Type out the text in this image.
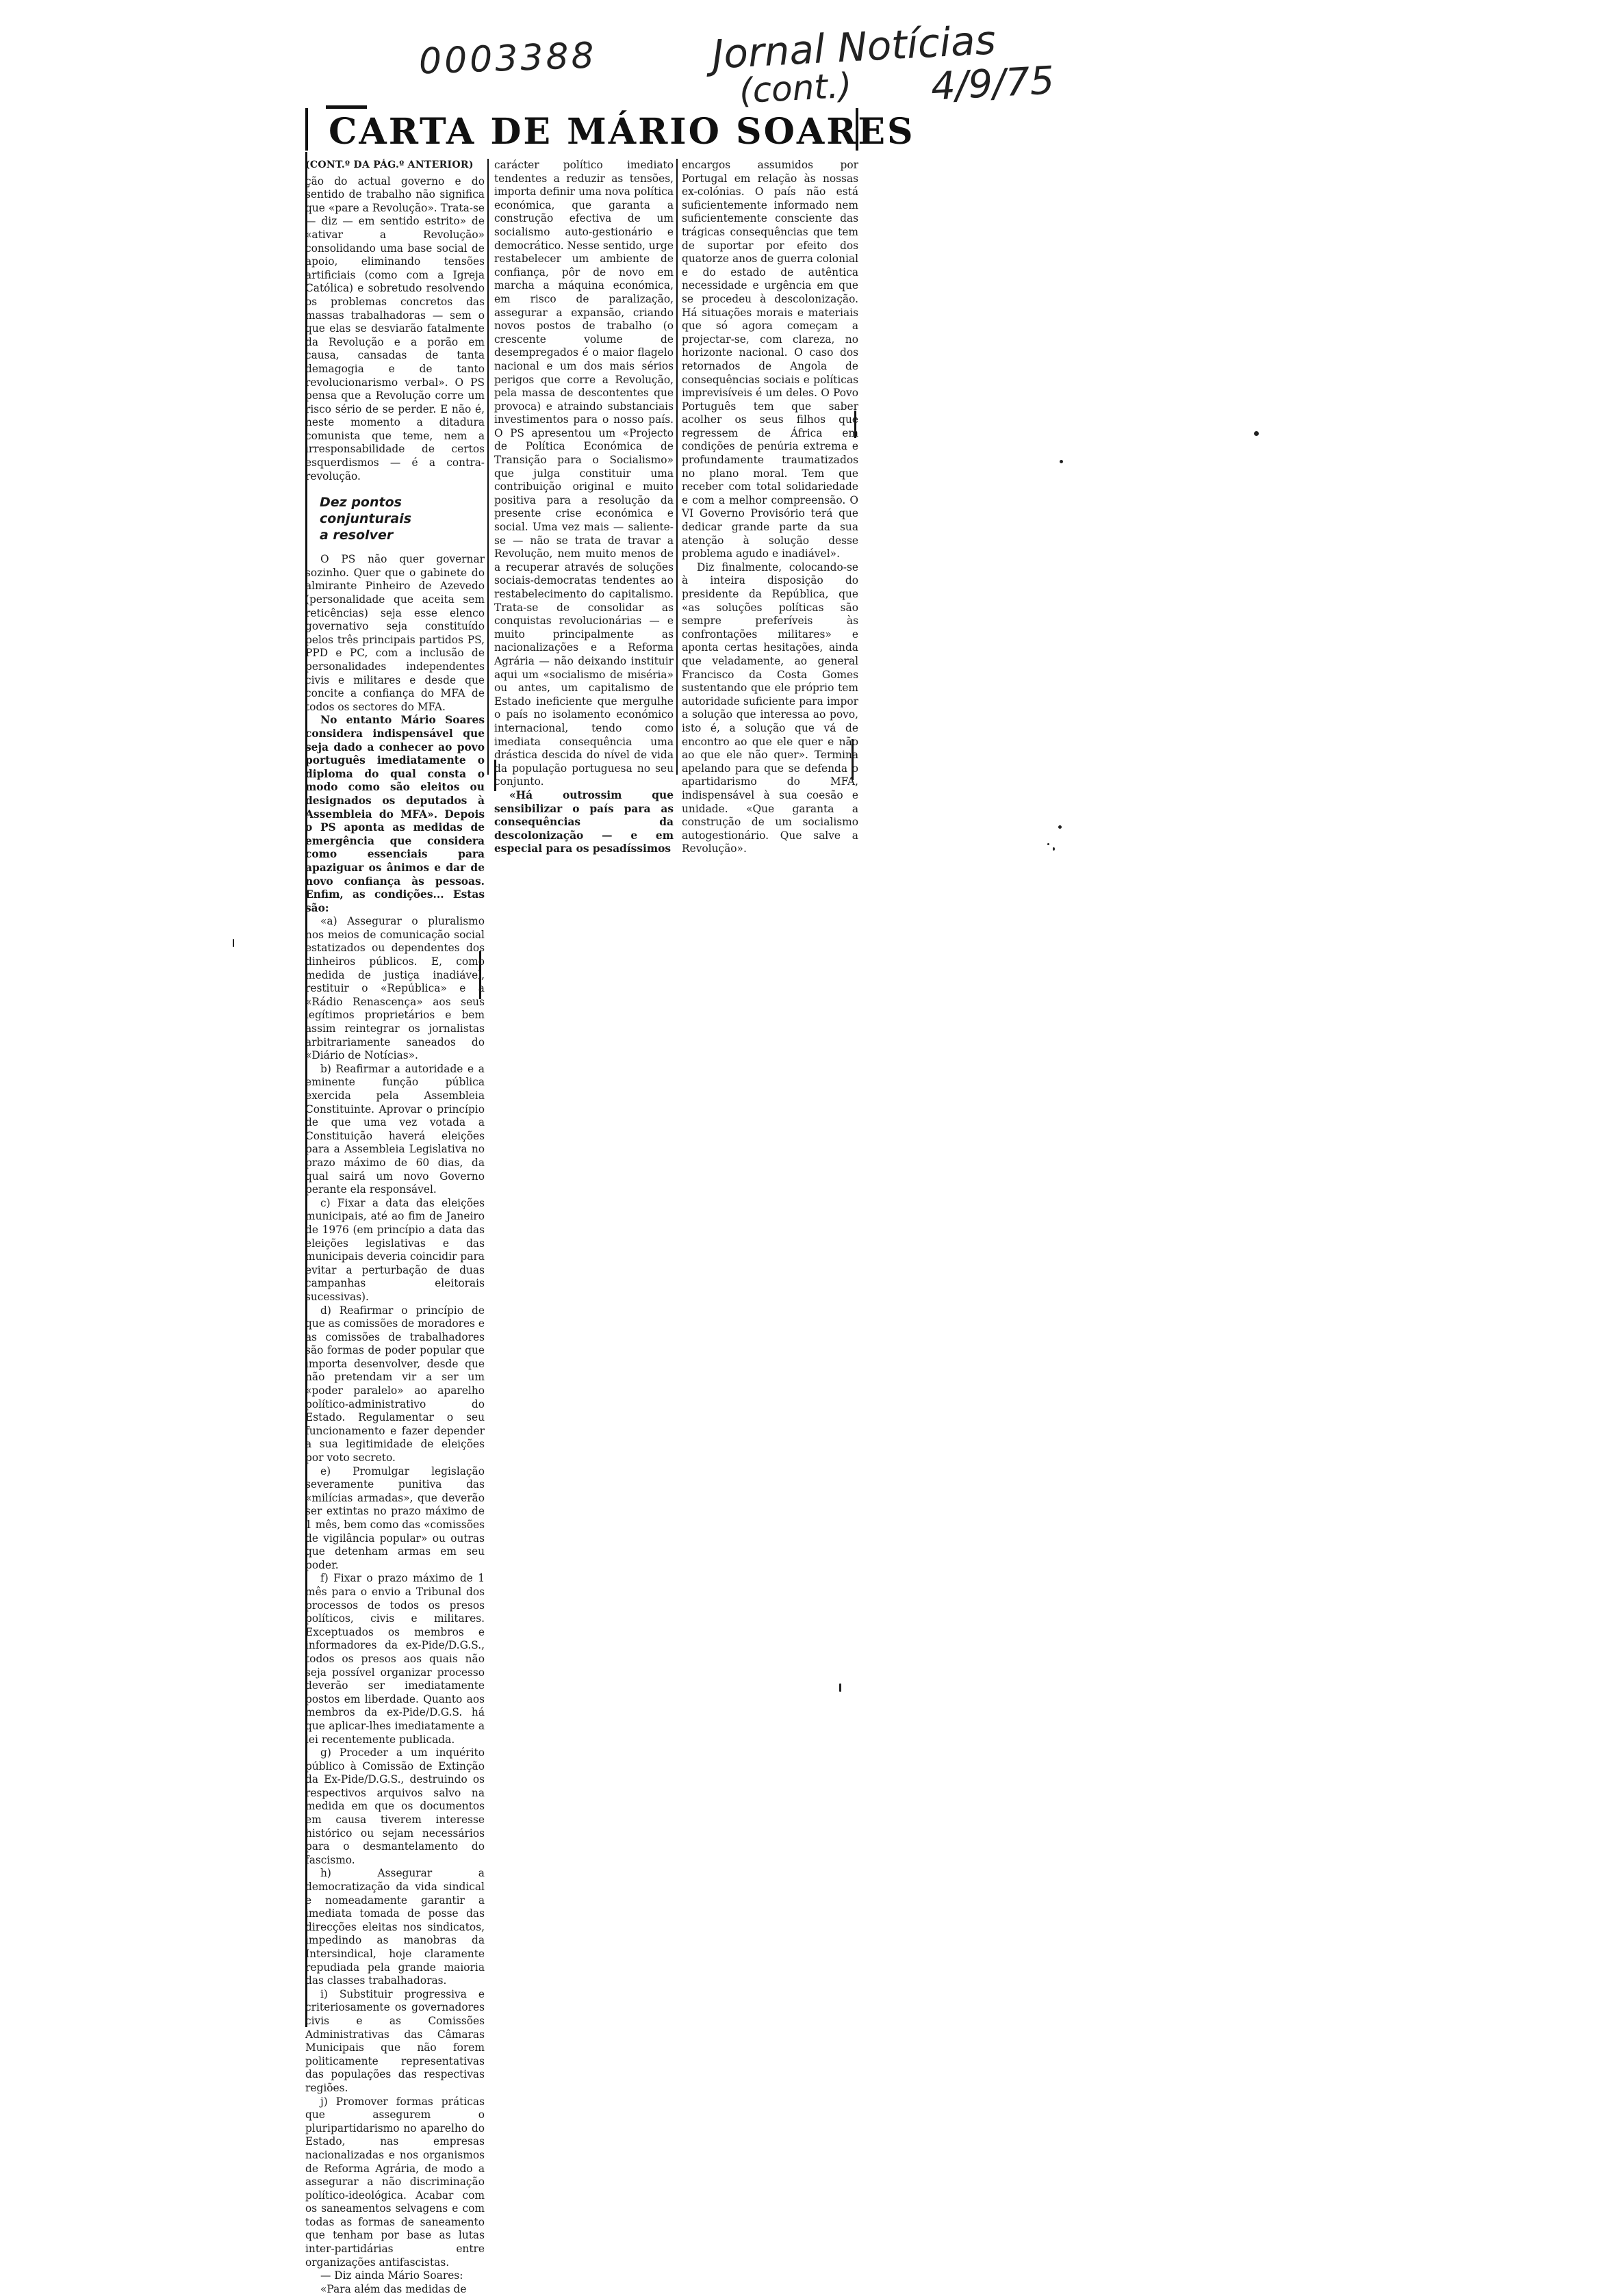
0003388	Jornal Notícias
(cont.) 4/9/75
CARTA DE MÁRIO SOARES

(CONT.º DA PÁG.º ANTERIOR)

ção do actual governo e do sentido de trabalho não significa que «pare a Revolução». Trata-se — diz — em sentido estrito» de «ativar a Revolução» consolidando uma base social de apoio, eliminando tensões artificiais (como com a Igreja Católica) e sobretudo resolvendo os problemas concretos das massas trabalhadoras — sem o que elas se desviarão fatalmente da Revolução e a porão em causa, cansadas de tanta demagogia e de tanto revolucionarismo verbal». O PS pensa que a Revolução corre um risco sério de se perder. E não é, neste momento a ditadura comunista que teme, nem a irresponsabilidade de certos esquerdismos — é a contra-revolução.

Dez pontos
conjunturais
a resolver

O PS não quer governar sozinho. Quer que o gabinete do almirante Pinheiro de Azevedo (personalidade que aceita sem reticências) seja esse elenco governativo seja constituído pelos três principais partidos PS, PPD e PC, com a inclusão de personalidades independentes civis e militares e desde que concite a confiança do MFA de todos os sectores do MFA.

No entanto Mário Soares considera indispensável que seja dado a conhecer ao povo português imediatamente o diploma do qual consta o modo como são eleitos ou designados os deputados à Assembleia do MFA». Depois o PS aponta as medidas de emergência que considera como essenciais para apaziguar os ânimos e dar de novo confiança às pessoas. Enfim, as condições... Estas são:

«a) Assegurar o pluralismo nos meios de comunicação social estatizados ou dependentes dos dinheiros públicos. E, como medida de justiça inadiável, restituir o «República» e a «Rádio Renascença» aos seus legítimos proprietários e bem assim reintegrar os jornalistas arbitrariamente saneados do «Diário de Notícias».

b) Reafirmar a autoridade e a eminente função pública exercida pela Assembleia Constituinte. Aprovar o princípio de que uma vez votada a Constituição haverá eleições para a Assembleia Legislativa no prazo máximo de 60 dias, da qual sairá um novo Governo perante ela responsável.

c) Fixar a data das eleições municipais, até ao fim de Janeiro de 1976 (em princípio a data das eleições legislativas e das municipais deveria coincidir para evitar a perturbação de duas campanhas eleitorais sucessivas).

d) Reafirmar o princípio de que as comissões de moradores e as comissões de trabalhadores são formas de poder popular que importa desenvolver, desde que não pretendam vir a ser um «poder paralelo» ao aparelho político-administrativo do Estado. Regulamentar o seu funcionamento e fazer depender a sua legitimidade de eleições por voto secreto.

e) Promulgar legislação severamente punitiva das «milícias armadas», que deverão ser extintas no prazo máximo de 1 mês, bem como das «comissões de vigilância popular» ou outras que detenham armas em seu poder.

f) Fixar o prazo máximo de 1 mês para o envio a Tribunal dos processos de todos os presos políticos, civis e militares. Exceptuados os membros e informadores da ex-Pide/D.G.S., todos os presos aos quais não seja possível organizar processo deverão ser imediatamente postos em liberdade. Quanto aos membros da ex-Pide/D.G.S. há que aplicar-lhes imediatamente a lei recentemente publicada.

g) Proceder a um inquérito público à Comissão de Extinção da Ex-Pide/D.G.S., destruindo os respectivos arquivos salvo na medida em que os documentos em causa tiverem interesse histórico ou sejam necessários para o desmantelamento do fascismo.

h) Assegurar a democratização da vida sindical e nomeadamente garantir a imediata tomada de posse das direcções eleitas nos sindicatos, impedindo as manobras da Intersindical, hoje claramente repudiada pela grande maioria das classes trabalhadoras.

i) Substituir progressiva e criteriosamente os governadores civis e as Comissões Administrativas das Câmaras Municipais que não forem politicamente representativas das populações das respectivas regiões.

j) Promover formas práticas que assegurem o pluripartidarismo no aparelho do Estado, nas empresas nacionalizadas e nos organismos de Reforma Agrária, de modo a assegurar a não discriminação político-ideológica. Acabar com os saneamentos selvagens e com todas as formas de saneamento que tenham por base as lutas inter-partidárias entre organizações antifascistas.

— Diz ainda Mário Soares:

«Para além das medidas de

carácter político imediato tendentes a reduzir as tensões, importa definir uma nova política económica, que garanta a construção efectiva de um socialismo auto-gestionário e democrático. Nesse sentido, urge restabelecer um ambiente de confiança, pôr de novo em marcha a máquina económica, em risco de paralização, assegurar a expansão, criando novos postos de trabalho (o crescente volume de desempregados é o maior flagelo nacional e um dos mais sérios perigos que corre a Revolução, pela massa de descontentes que provoca) e atraindo substanciais investimentos para o nosso país. O PS apresentou um «Projecto de Política Económica de Transição para o Socialismo» que julga constituir uma contribuição original e muito positiva para a resolução da presente crise económica e social. Uma vez mais — saliente-se — não se trata de travar a Revolução, nem muito menos de a recuperar através de soluções sociais-democratas tendentes ao restabelecimento do capitalismo. Trata-se de consolidar as conquistas revolucionárias — e muito principalmente as nacionalizações e a Reforma Agrária — não deixando instituir aqui um «socialismo de miséria» ou antes, um capitalismo de Estado ineficiente que mergulhe o país no isolamento económico internacional, tendo como imediata consequência uma drástica descida do nível de vida da população portuguesa no seu conjunto.

«Há outrossim que sensibilizar o país para as consequências da descolonização — e em especial para os pesadíssimos

encargos assumidos por Portugal em relação às nossas ex-colónias. O país não está suficientemente informado nem suficientemente consciente das trágicas consequências que tem de suportar por efeito dos quatorze anos de guerra colonial e do estado de autêntica necessidade e urgência em que se procedeu à descolonização. Há situações morais e materiais que só agora começam a projectar-se, com clareza, no horizonte nacional. O caso dos retornados de Angola de consequências sociais e políticas imprevisíveis é um deles. O Povo Português tem que saber acolher os seus filhos que regressem de África em condições de penúria extrema e profundamente traumatizados no plano moral. Tem que receber com total solidariedade e com a melhor compreensão. O VI Governo Provisório terá que dedicar grande parte da sua atenção à solução desse problema agudo e inadiável».

Diz finalmente, colocando-se à inteira disposição do presidente da República, que «as soluções políticas são sempre preferíveis às confrontações militares» e aponta certas hesitações, ainda que veladamente, ao general Francisco da Costa Gomes sustentando que ele próprio tem autoridade suficiente para impor a solução que interessa ao povo, isto é, a solução que vá de encontro ao que ele quer e não ao que ele não quer». Termina apelando para que se defenda o apartidarismo do MFA, indispensável à sua coesão e unidade. «Que garanta a construção de um socialismo autogestionário. Que salve a Revolução».
